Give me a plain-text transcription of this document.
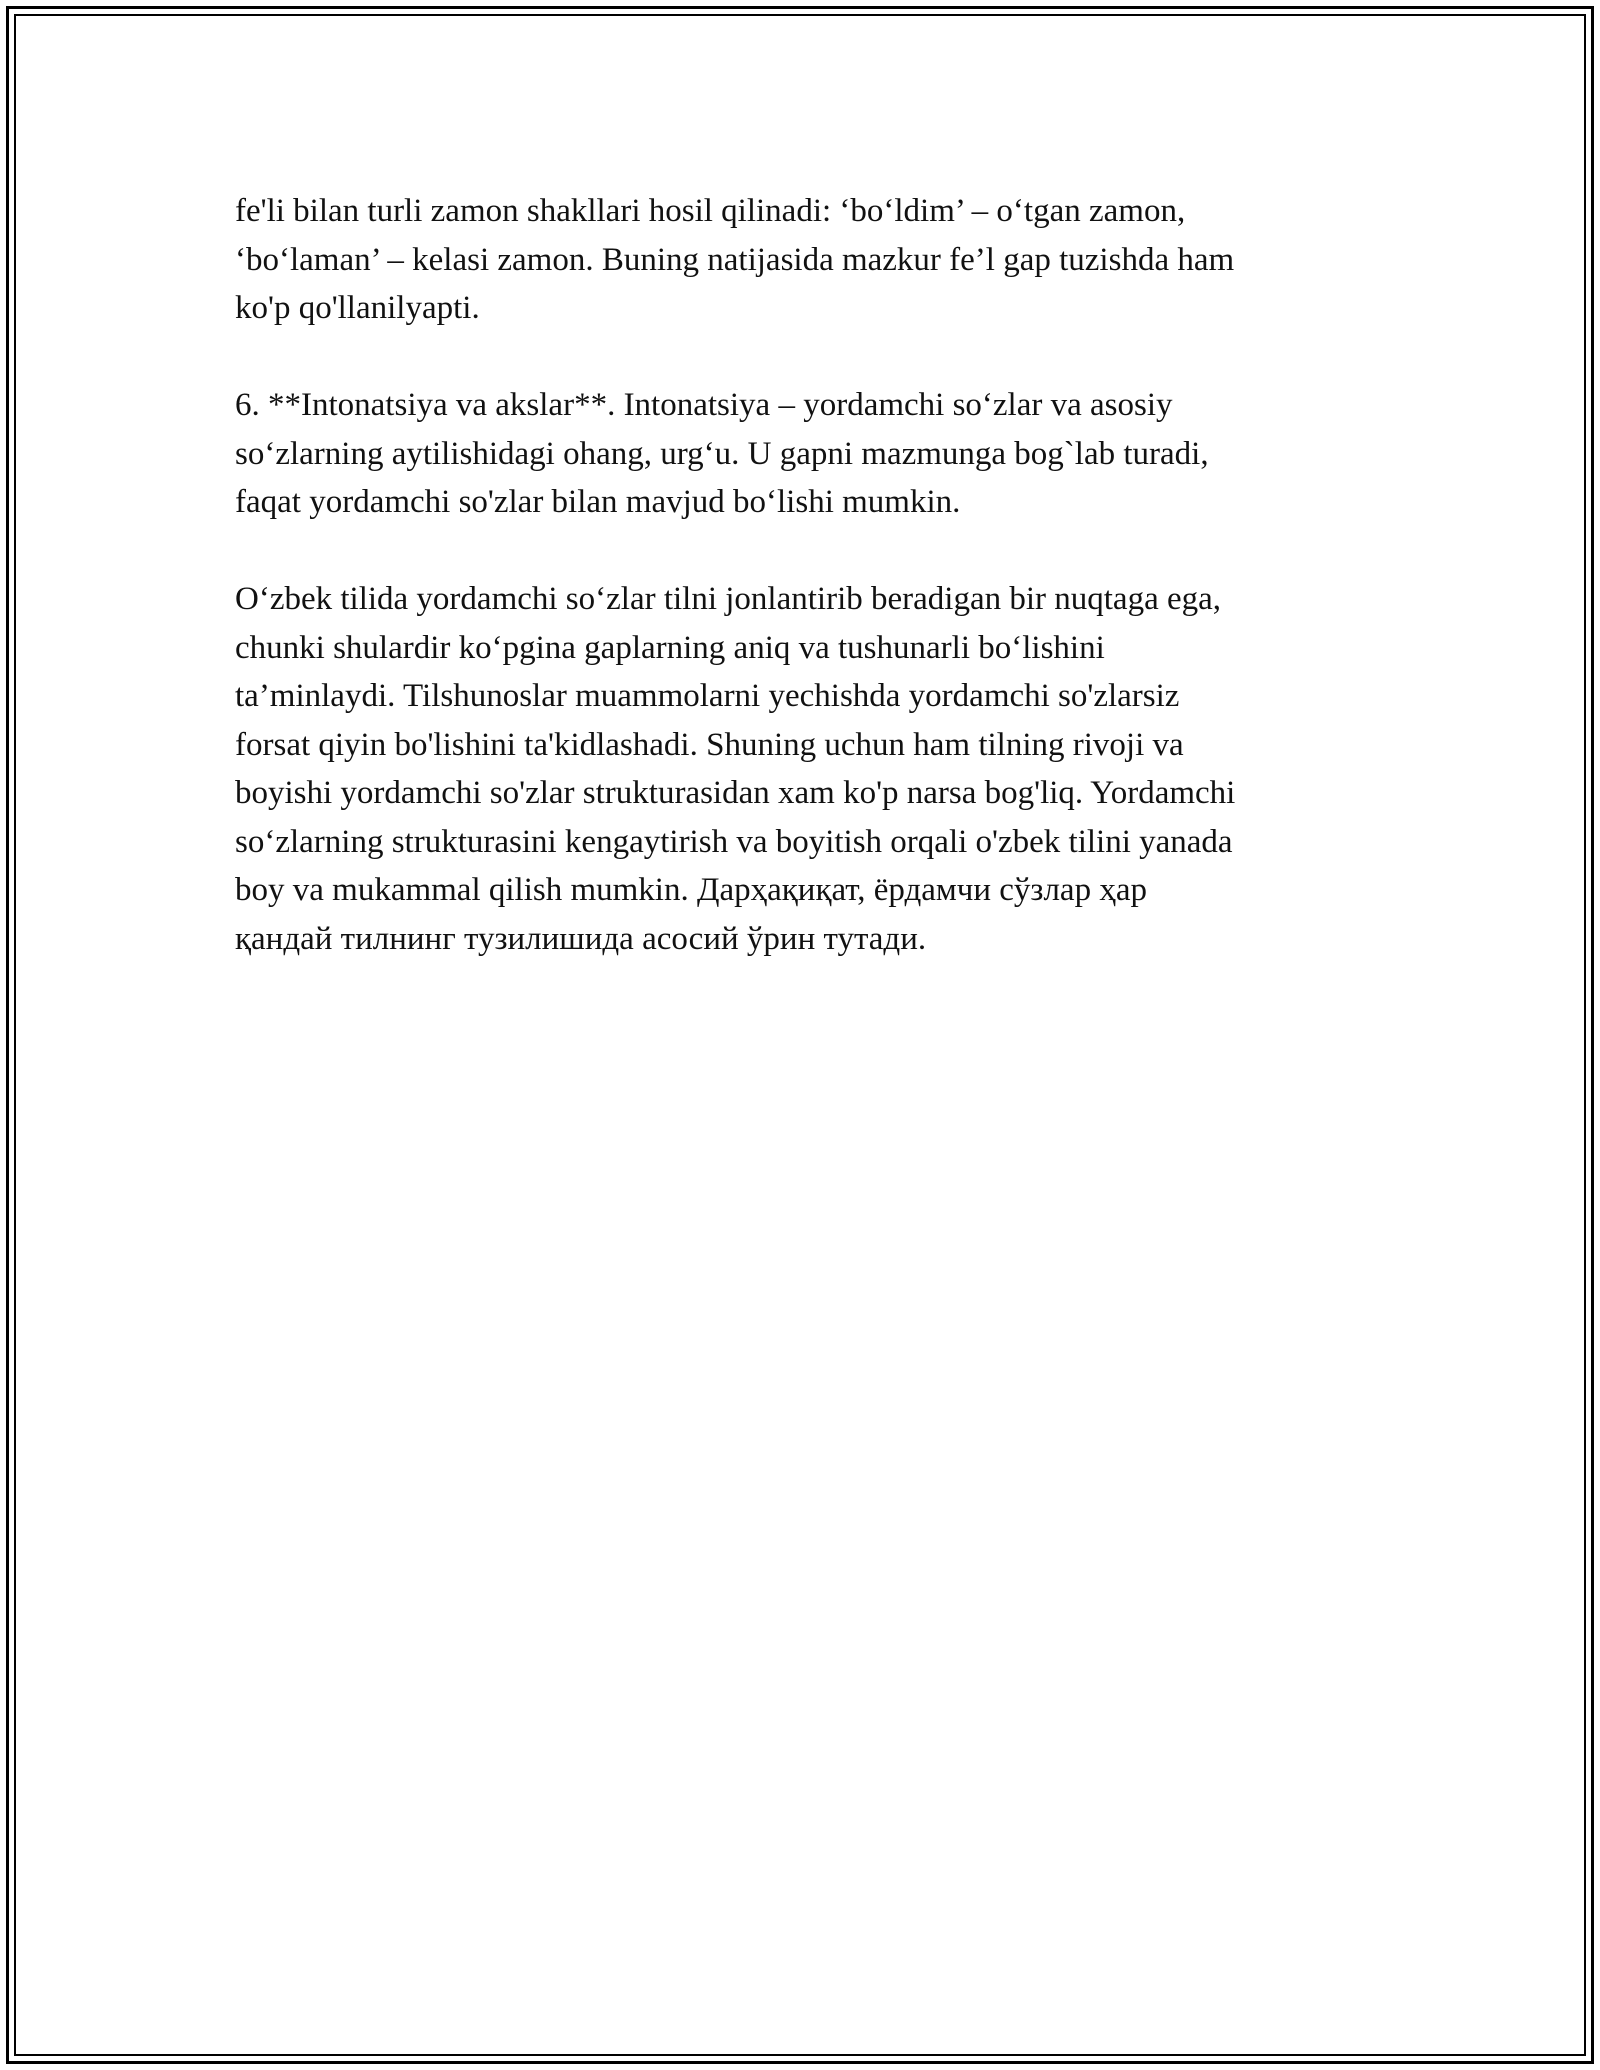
fe'li bilan turli zamon shakllari hosil qilinadi: ‘bo‘ldim’ – o‘tgan zamon,
‘bo‘laman’ – kelasi zamon. Buning natijasida mazkur fe’l gap tuzishda ham
ko'p qo'llanilyapti.

6. **Intonatsiya va akslar**. Intonatsiya – yordamchi so‘zlar va asosiy
so‘zlarning aytilishidagi ohang, urg‘u. U gapni mazmunga bog`lab turadi,
faqat yordamchi so'zlar bilan mavjud bo‘lishi mumkin.

O‘zbek tilida yordamchi so‘zlar tilni jonlantirib beradigan bir nuqtaga ega,
chunki shulardir ko‘pgina gaplarning aniq va tushunarli bo‘lishini
ta’minlaydi. Tilshunoslar muammolarni yechishda yordamchi so'zlarsiz
forsat qiyin bo'lishini ta'kidlashadi. Shuning uchun ham tilning rivoji va
boyishi yordamchi so'zlar strukturasidan xam ko'p narsa bog'liq. Yordamchi
so‘zlarning strukturasini kengaytirish va boyitish orqali o'zbek tilini yanada
boy va mukammal qilish mumkin. Дарҳақиқат, ёрдамчи сўзлар ҳар
қандай тилнинг тузилишида асосий ўрин тутади.
